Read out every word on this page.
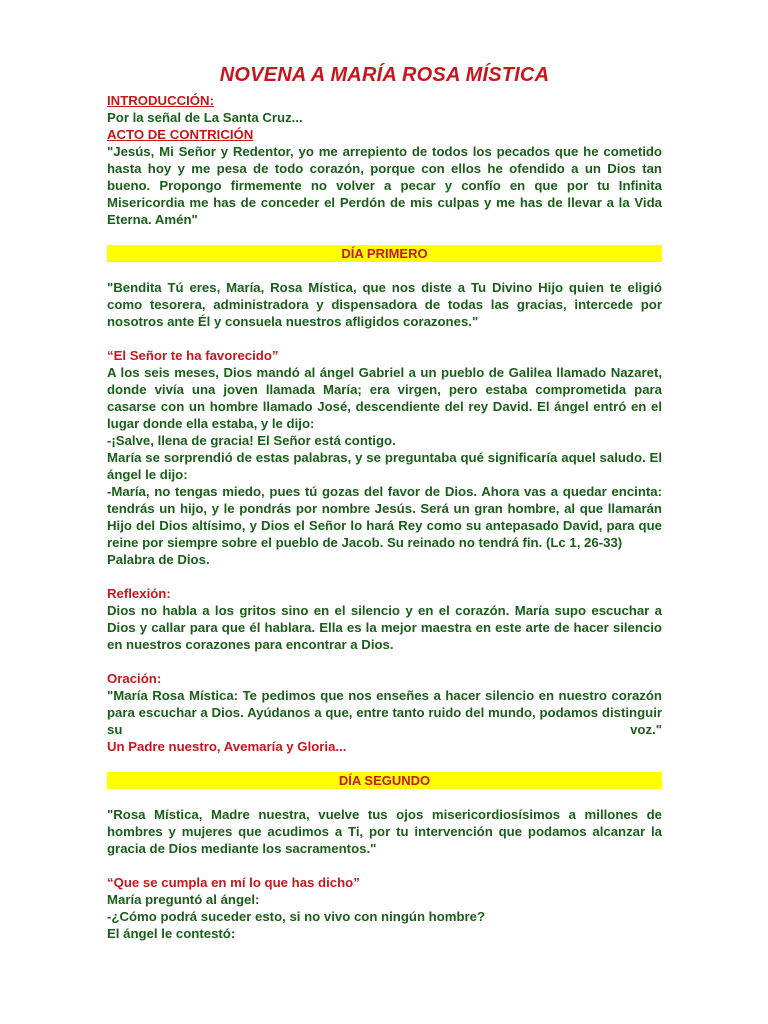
NOVENA A MARÍA ROSA MÍSTICA
INTRODUCCIÓN:
Por la señal de La Santa Cruz...
ACTO DE CONTRICIÓN
"Jesús, Mi Señor y Redentor, yo me arrepiento de todos los pecados que he cometido hasta hoy y me pesa de todo corazón, porque con ellos he ofendido a un Dios tan bueno. Propongo firmemente no volver a pecar y confío en que por tu Infinita Misericordia me has de conceder el Perdón de mis culpas y me has de llevar a la Vida Eterna. Amén"
DÍA PRIMERO
"Bendita Tú eres, María, Rosa Mística, que nos diste a Tu Divino Hijo quien te eligió como tesorera, administradora y dispensadora de todas las gracias, intercede por nosotros ante Él y consuela nuestros afligidos corazones."
“El Señor te ha favorecido”
A los seis meses, Dios mandó al ángel Gabriel a un pueblo de Galilea llamado Nazaret, donde vivía una joven llamada María; era virgen, pero estaba comprometida para casarse con un hombre llamado José, descendiente del rey David. El ángel entró en el lugar donde ella estaba, y le dijo:
-¡Salve, llena de gracia! El Señor está contigo.
María se sorprendió de estas palabras, y se preguntaba qué significaría aquel saludo. El ángel le dijo:
-María, no tengas miedo, pues tú gozas del favor de Dios. Ahora vas a quedar encinta: tendrás un hijo, y le pondrás por nombre Jesús. Será un gran hombre, al que llamarán Hijo del Dios altísimo, y Dios el Señor lo hará Rey como su antepasado David, para que reine por siempre sobre el pueblo de Jacob. Su reinado no tendrá fin. (Lc 1, 26-33)
Palabra de Dios.
Reflexión:
Dios no habla a los gritos sino en el silencio y en el corazón. María supo escuchar a Dios y callar para que él hablara. Ella es la mejor maestra en este arte de hacer silencio en nuestros corazones para encontrar a Dios.
Oración:
"María Rosa Mística: Te pedimos que nos enseñes a hacer silencio en nuestro corazón para escuchar a Dios. Ayúdanos a que, entre tanto ruido del mundo, podamos distinguir su voz."
Un Padre nuestro, Avemaría y Gloria...
DÍA SEGUNDO
"Rosa Mística, Madre nuestra, vuelve tus ojos misericordiosísimos a millones de hombres y mujeres que acudimos a Ti, por tu intervención que podamos alcanzar la gracia de Dios mediante los sacramentos."
“Que se cumpla en mí lo que has dicho”
María preguntó al ángel:
-¿Cómo podrá suceder esto, si no vivo con ningún hombre?
El ángel le contestó:
